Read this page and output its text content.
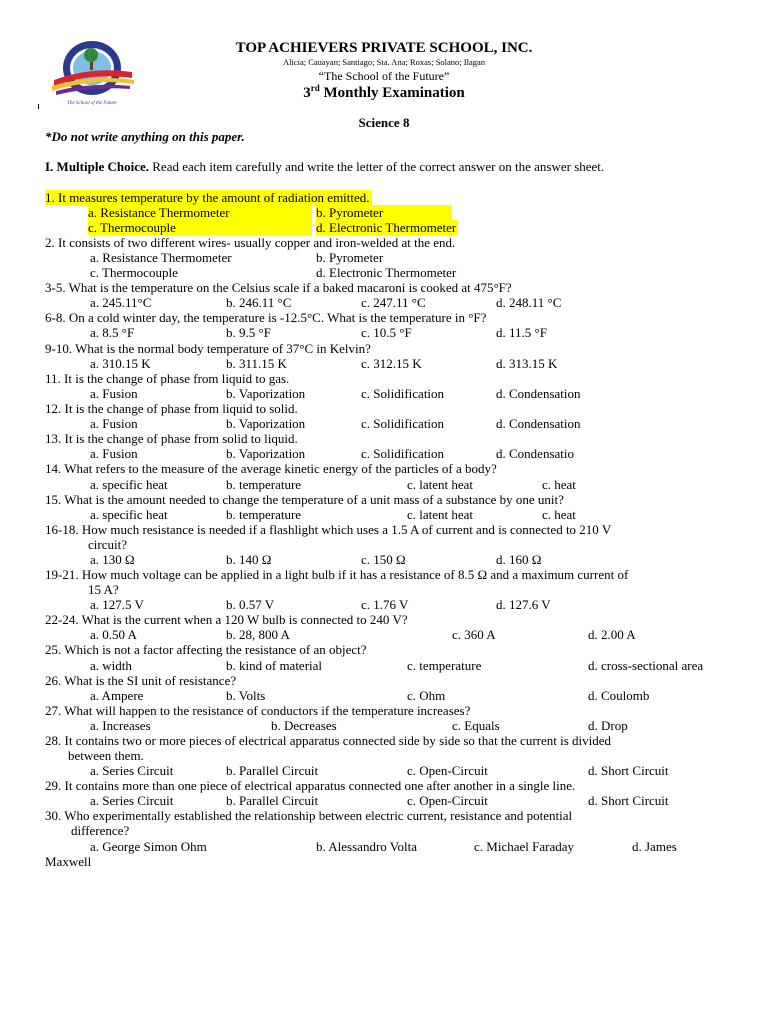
The School of the Future
TOP ACHIEVERS PRIVATE SCHOOL, INC.
Alicia; Cauayan; Santiago; Sta. Ana; Roxas; Solano; Ilagan
“The School of the Future”
3rd Monthly Examination
Science 8
*Do not write anything on this paper.
I. Multiple Choice. Read each item carefully and write the letter of the correct answer on the answer sheet.
1. It measures temperature by the amount of radiation emitted.
a. Resistance Thermometer	b. Pyrometer
c. Thermocouple	d. Electronic Thermometer
2. It consists of two different wires- usually copper and iron-welded at the end.
a. Resistance Thermometer	b. Pyrometer
c. Thermocouple	d. Electronic Thermometer
3-5. What is the temperature on the Celsius scale if a baked macaroni is cooked at 475°F?
a. 245.11°C	b. 246.11 °C	c. 247.11 °C	d. 248.11 °C
6-8. On a cold winter day, the temperature is -12.5°C. What is the temperature in °F?
a. 8.5 °F	b. 9.5 °F	c. 10.5 °F	d. 11.5 °F
9-10. What is the normal body temperature of 37°C in Kelvin?
a. 310.15 K	b. 311.15 K	c. 312.15 K	d. 313.15 K
11. It is the change of phase from liquid to gas.
a. Fusion	b. Vaporization	c. Solidification	d. Condensation
12. It is the change of phase from liquid to solid.
a. Fusion	b. Vaporization	c. Solidification	d. Condensation
13. It is the change of phase from solid to liquid.
a. Fusion	b. Vaporization	c. Solidification	d. Condensatio
14. What refers to the measure of the average kinetic energy of the particles of a body?
a. specific heat	b. temperature	c. latent heat	c. heat
15. What is the amount needed to change the temperature of a unit mass of a substance by one unit?
a. specific heat	b. temperature	c. latent heat	c. heat
16-18. How much resistance is needed if a flashlight which uses a 1.5 A of current and is connected to 210 V
circuit?
a. 130 Ω	b. 140 Ω	c. 150 Ω	d. 160 Ω
19-21. How much voltage can be applied in a light bulb if it has a resistance of 8.5 Ω and a maximum current of
15 A?
a. 127.5 V	b. 0.57 V	c. 1.76 V	d. 127.6 V
22-24. What is the current when a 120 W bulb is connected to 240 V?
a. 0.50 A	b. 28, 800 A	c. 360 A	d. 2.00 A
25. Which is not a factor affecting the resistance of an object?
a. width	b. kind of material	c. temperature	d. cross-sectional area
26. What is the SI unit of resistance?
a. Ampere	b. Volts	c. Ohm	d. Coulomb
27. What will happen to the resistance of conductors if the temperature increases?
a. Increases	b. Decreases	c. Equals	d. Drop
28. It contains two or more pieces of electrical apparatus connected side by side so that the current is divided
between them.
a. Series Circuit	b. Parallel Circuit	c. Open-Circuit	d. Short Circuit
29. It contains more than one piece of electrical apparatus connected one after another in a single line.
a. Series Circuit	b. Parallel Circuit	c. Open-Circuit	d. Short Circuit
30. Who experimentally established the relationship between electric current, resistance and potential
difference?
a. George Simon Ohm	b. Alessandro Volta	c. Michael Faraday	d. James
Maxwell
